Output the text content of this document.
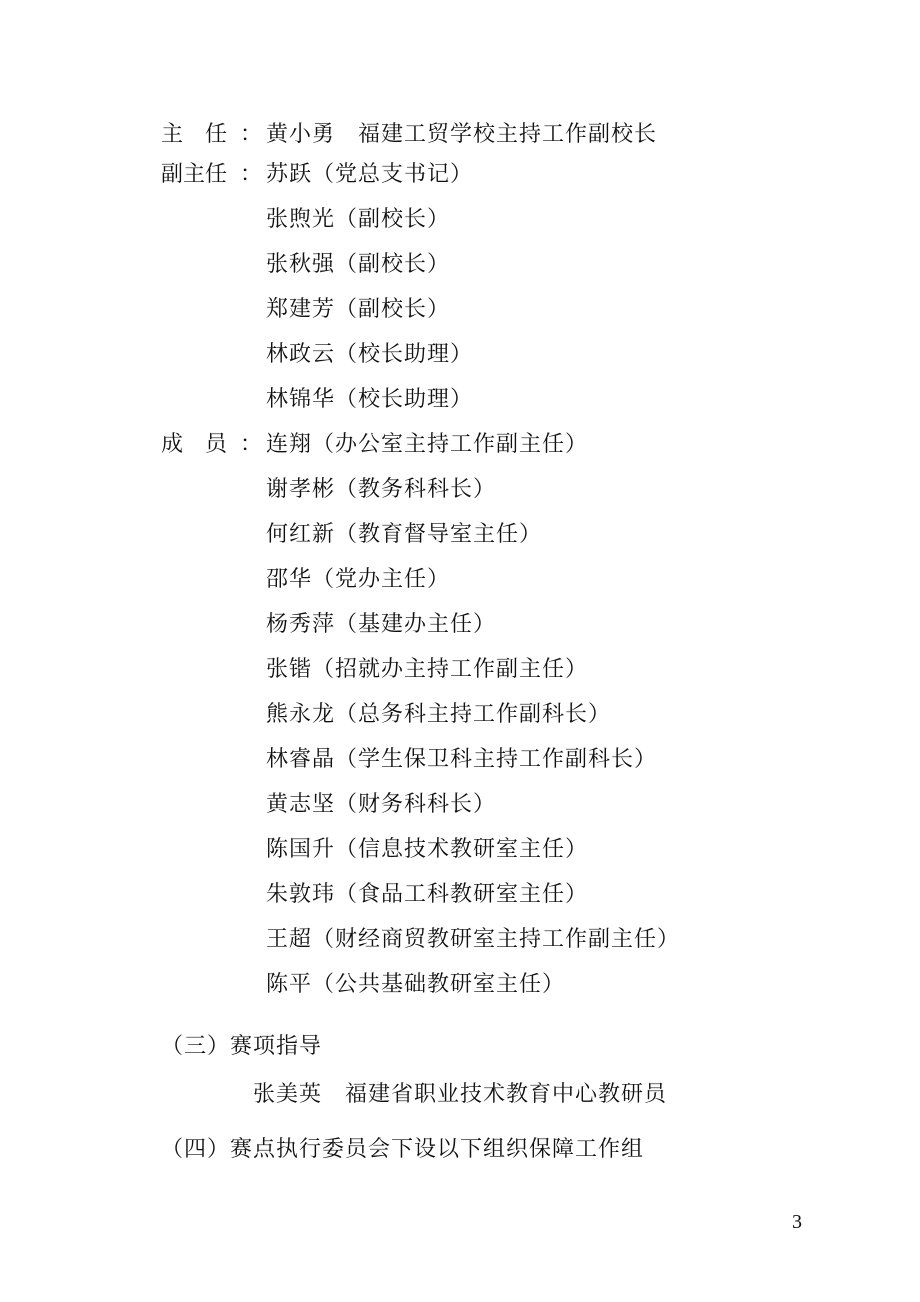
主　任 ： 黄小勇　福建工贸学校主持工作副校长
副主任 ： 苏跃（党总支书记）
张煦光（副校长）
张秋强（副校长）
郑建芳（副校长）
林政云（校长助理）
林锦华（校长助理）
成　员 ： 连翔（办公室主持工作副主任）
谢孝彬（教务科科长）
何红新（教育督导室主任）
邵华（党办主任）
杨秀萍（基建办主任）
张锴（招就办主持工作副主任）
熊永龙（总务科主持工作副科长）
林睿晶（学生保卫科主持工作副科长）
黄志坚（财务科科长）
陈国升（信息技术教研室主任）
朱敦玮（食品工科教研室主任）
王超（财经商贸教研室主持工作副主任）
陈平（公共基础教研室主任）
（三）赛项指导
张美英　福建省职业技术教育中心教研员
（四）赛点执行委员会下设以下组织保障工作组
3
